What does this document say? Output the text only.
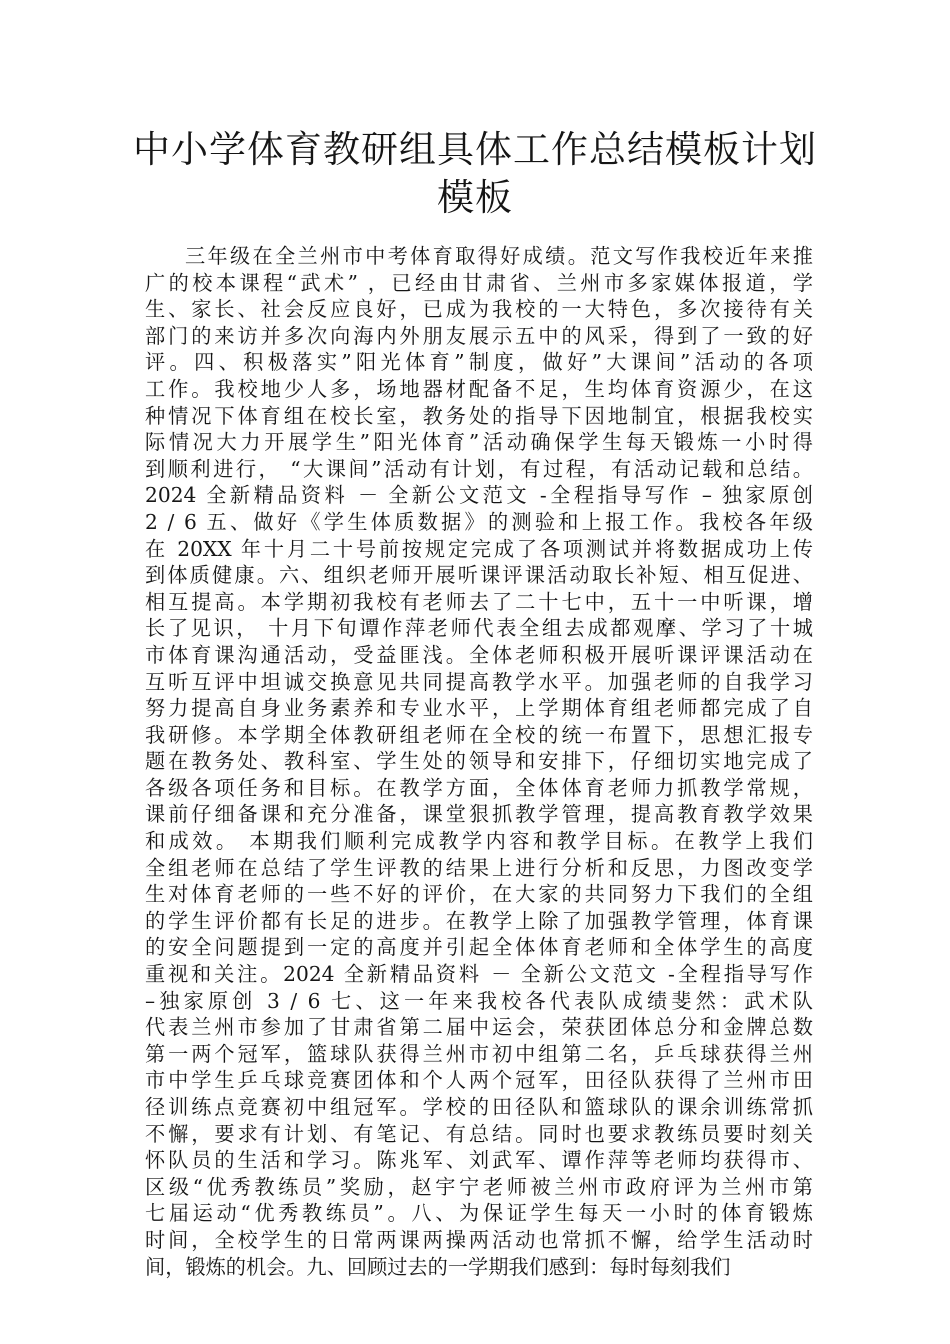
中小学体育教研组具体工作总结模板计划
模板
三年级在全兰州市中考体育取得好成绩。范文写作我校近年来推
广的校本课程“武术” ，已经由甘肃省、兰州市多家媒体报道，学
生、家长、社会反应良好，已成为我校的一大特色，多次接待有关
部门的来访并多次向海内外朋友展示五中的风采，得到了一致的好
评。四、积极落实”阳光体育”制度，做好”大课间”活动的各项
工作。我校地少人多，场地器材配备不足，生均体育资源少，在这
种情况下体育组在校长室，教务处的指导下因地制宜，根据我校实
际情况大力开展学生”阳光体育”活动确保学生每天锻炼一小时得
到顺利进行， “大课间”活动有计划，有过程，有活动记载和总结。
2024 全新精品资料 － 全新公文范文 -全程指导写作 – 独家原创
2 / 6 五、做好《学生体质数据》的测验和上报工作。我校各年级
在 20XX 年十月二十号前按规定完成了各项测试并将数据成功上传
到体质健康。六、组织老师开展听课评课活动取长补短、相互促进、
相互提高。本学期初我校有老师去了二十七中，五十一中听课，增
长了见识， 十月下旬谭作萍老师代表全组去成都观摩、学习了十城
市体育课沟通活动，受益匪浅。全体老师积极开展听课评课活动在
互听互评中坦诚交换意见共同提高教学水平。加强老师的自我学习
努力提高自身业务素养和专业水平，上学期体育组老师都完成了自
我研修。本学期全体教研组老师在全校的统一布置下，思想汇报专
题在教务处、教科室、学生处的领导和安排下，仔细切实地完成了
各级各项任务和目标。在教学方面，全体体育老师力抓教学常规，
课前仔细备课和充分准备，课堂狠抓教学管理，提高教育教学效果
和成效。 本期我们顺利完成教学内容和教学目标。在教学上我们
全组老师在总结了学生评教的结果上进行分析和反思，力图改变学
生对体育老师的一些不好的评价，在大家的共同努力下我们的全组
的学生评价都有长足的进步。在教学上除了加强教学管理，体育课
的安全问题提到一定的高度并引起全体体育老师和全体学生的高度
重视和关注。2024 全新精品资料 － 全新公文范文 -全程指导写作
–独家原创 3 / 6 七、这一年来我校各代表队成绩斐然：武术队
代表兰州市参加了甘肃省第二届中运会，荣获团体总分和金牌总数
第一两个冠军，篮球队获得兰州市初中组第二名，乒乓球获得兰州
市中学生乒乓球竞赛团体和个人两个冠军，田径队获得了兰州市田
径训练点竞赛初中组冠军。学校的田径队和篮球队的课余训练常抓
不懈，要求有计划、有笔记、有总结。同时也要求教练员要时刻关
怀队员的生活和学习。陈兆军、刘武军、谭作萍等老师均获得市、
区级“优秀教练员”奖励，赵宇宁老师被兰州市政府评为兰州市第
七届运动“优秀教练员”。八、为保证学生每天一小时的体育锻炼
时间，全校学生的日常两课两操两活动也常抓不懈，给学生活动时
间，锻炼的机会。九、回顾过去的一学期我们感到：每时每刻我们
